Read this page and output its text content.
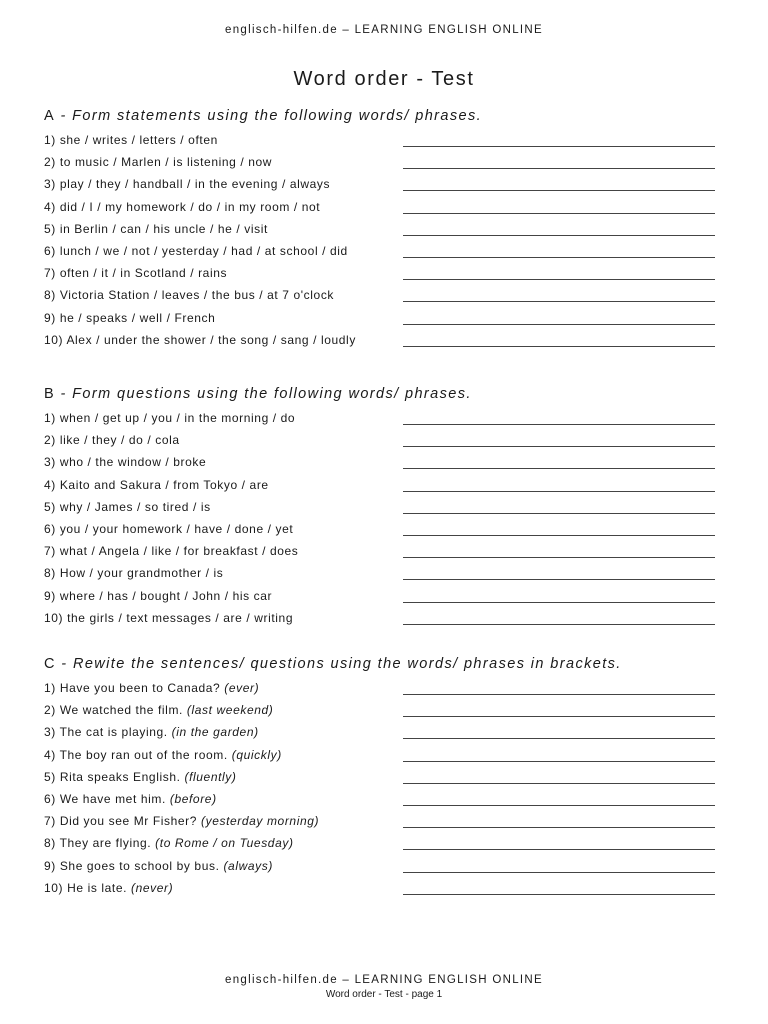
englisch-hilfen.de – LEARNING ENGLISH ONLINE
Word order - Test
A - Form statements using the following words/ phrases.
1) she / writes / letters / often
2) to music / Marlen / is listening / now
3) play / they / handball / in the evening / always
4) did / I / my homework / do / in my room / not
5) in Berlin / can / his uncle / he / visit
6) lunch / we / not / yesterday / had / at school / did
7) often / it / in Scotland / rains
8) Victoria Station / leaves / the bus / at 7 o'clock
9) he / speaks / well / French
10) Alex / under the shower / the song / sang / loudly
B - Form questions using the following words/ phrases.
1) when / get up / you / in the morning / do
2) like / they / do / cola
3) who / the window / broke
4) Kaito and Sakura / from Tokyo / are
5) why / James / so tired / is
6) you / your homework / have / done / yet
7) what / Angela / like / for breakfast / does
8) How / your grandmother / is
9) where / has / bought / John / his car
10) the girls / text messages / are / writing
C - Rewite the sentences/ questions using the words/ phrases in brackets.
1) Have you been to Canada? (ever)
2) We watched the film. (last weekend)
3) The cat is playing. (in the garden)
4) The boy ran out of the room. (quickly)
5) Rita speaks English. (fluently)
6) We have met him. (before)
7) Did you see Mr Fisher? (yesterday morning)
8) They are flying. (to Rome / on Tuesday)
9) She goes to school by bus. (always)
10) He is late. (never)
englisch-hilfen.de – LEARNING ENGLISH ONLINE
Word order - Test - page 1
